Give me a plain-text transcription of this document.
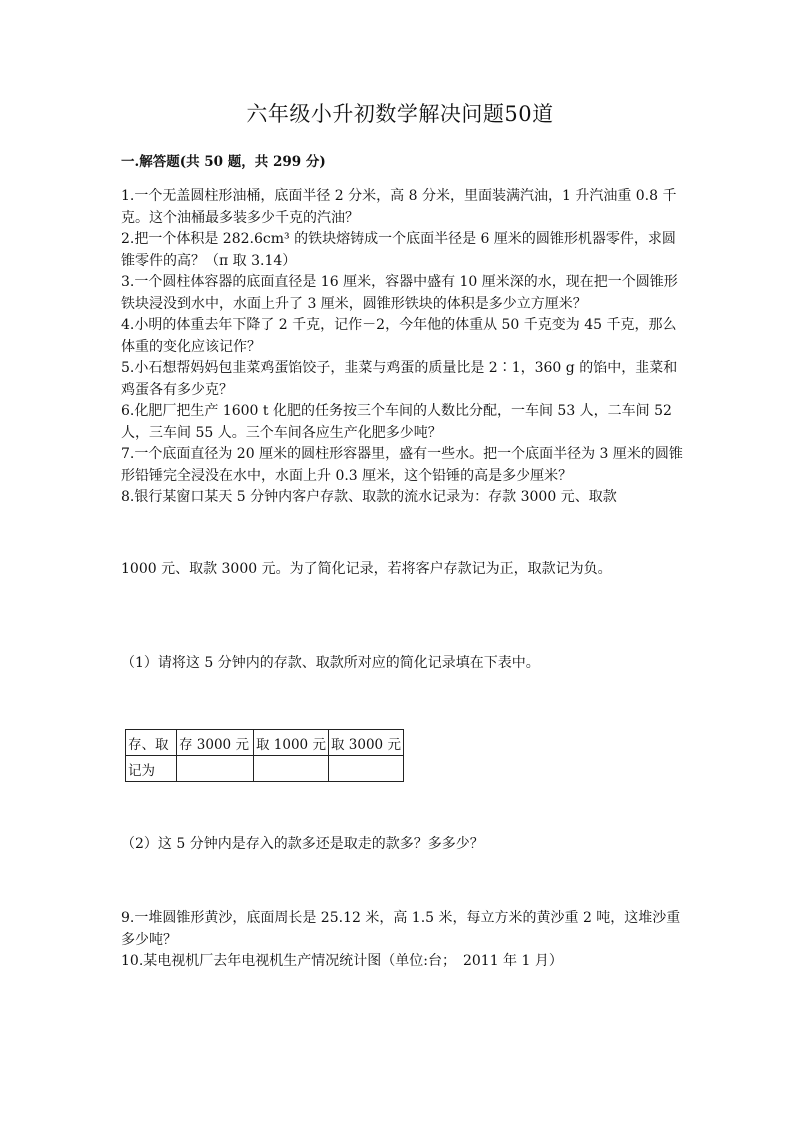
六年级小升初数学解决问题50道
一.解答题(共 50 题，共 299 分)

1.一个无盖圆柱形油桶，底面半径 2 分米，高 8 分米，里面装满汽油，1 升汽油重 0.8 千克。这个油桶最多装多少千克的汽油？

2.把一个体积是 282.6cm³ 的铁块熔铸成一个底面半径是 6 厘米的圆锥形机器零件，求圆锥零件的高？（π 取 3.14）

3.一个圆柱体容器的底面直径是 16 厘米，容器中盛有 10 厘米深的水，现在把一个圆锥形铁块浸没到水中，水面上升了 3 厘米，圆锥形铁块的体积是多少立方厘米？

4.小明的体重去年下降了 2 千克，记作－2，今年他的体重从 50 千克变为 45 千克，那么体重的变化应该记作？

5.小石想帮妈妈包韭菜鸡蛋馅饺子，韭菜与鸡蛋的质量比是 2∶1，360 g 的馅中，韭菜和鸡蛋各有多少克？

6.化肥厂把生产 1600 t 化肥的任务按三个车间的人数比分配，一车间 53 人，二车间 52 人，三车间 55 人。三个车间各应生产化肥多少吨？

7.一个底面直径为 20 厘米的圆柱形容器里，盛有一些水。把一个底面半径为 3 厘米的圆锥形铅锤完全浸没在水中，水面上升 0.3 厘米，这个铅锤的高是多少厘米？

8.银行某窗口某天 5 分钟内客户存款、取款的流水记录为：存款 3000 元、取款

1000 元、取款 3000 元。为了简化记录，若将客户存款记为正，取款记为负。
（1）请将这 5 分钟内的存款、取款所对应的简化记录填在下表中。
存、取	存 3000 元	取 1000 元	取 3000 元
记为			
（2）这 5 分钟内是存入的款多还是取走的款多？多多少？

9.一堆圆锥形黄沙，底面周长是 25.12 米，高 1.5 米，每立方米的黄沙重 2 吨，这堆沙重多少吨？

10.某电视机厂去年电视机生产情况统计图（单位:台；　2011 年 1 月）
